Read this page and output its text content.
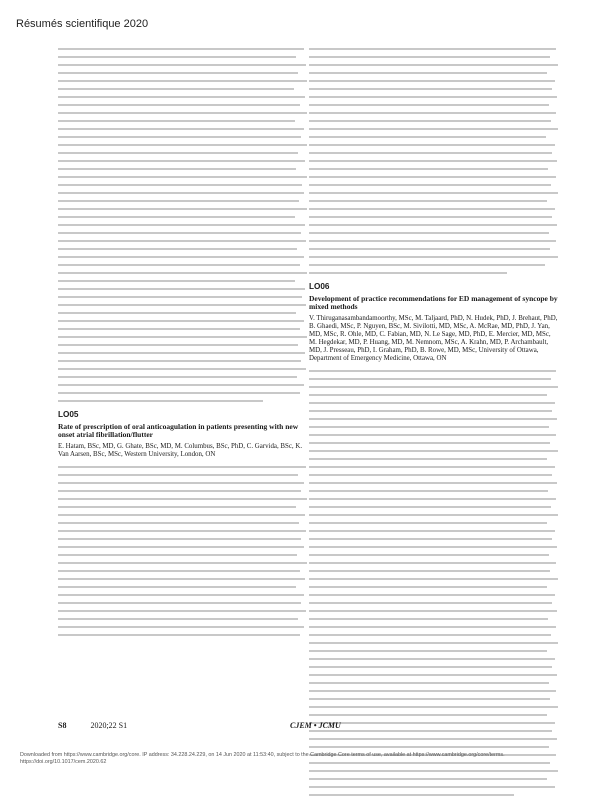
Résumés scientifique 2020
LO05
Rate of prescription of oral anticoagulation in patients presenting with new onset atrial fibrillation/flutter
E. Hatam, BSc, MD, G. Ghate, BSc, MD, M. Columbus, BSc, PhD, C. Garvida, BSc, K. Van Aarsen, BSc, MSc, Western University, London, ON
LO06
Development of practice recommendations for ED management of syncope by mixed methods
V. Thiruganasambandamoorthy, MSc, M. Taljaard, PhD, N. Hudek, PhD, J. Brehaut, PhD, B. Ghaedi, MSc, P. Nguyen, BSc, M. Sivilotti, MD, MSc, A. McRae, MD, PhD, J. Yan, MD, MSc, R. Ohle, MD, C. Fabian, MD, N. Le Sage, MD, PhD, E. Mercier, MD, MSc, M. Hegdekar, MD, P. Huang, MD, M. Nemnom, MSc, A. Krahn, MD, P. Archambault, MD, J. Presseau, PhD, I. Graham, PhD, B. Rowe, MD, MSc, University of Ottawa, Department of Emergency Medicine, Ottawa, ON
S8	2020;22 S1	CJEM • JCMU
Downloaded from https://www.cambridge.org/core. IP address: 34.228.24.229, on 14 Jun 2020 at 11:53:40, subject to the Cambridge Core terms of use, available at https://www.cambridge.org/core/terms. https://doi.org/10.1017/cem.2020.62
